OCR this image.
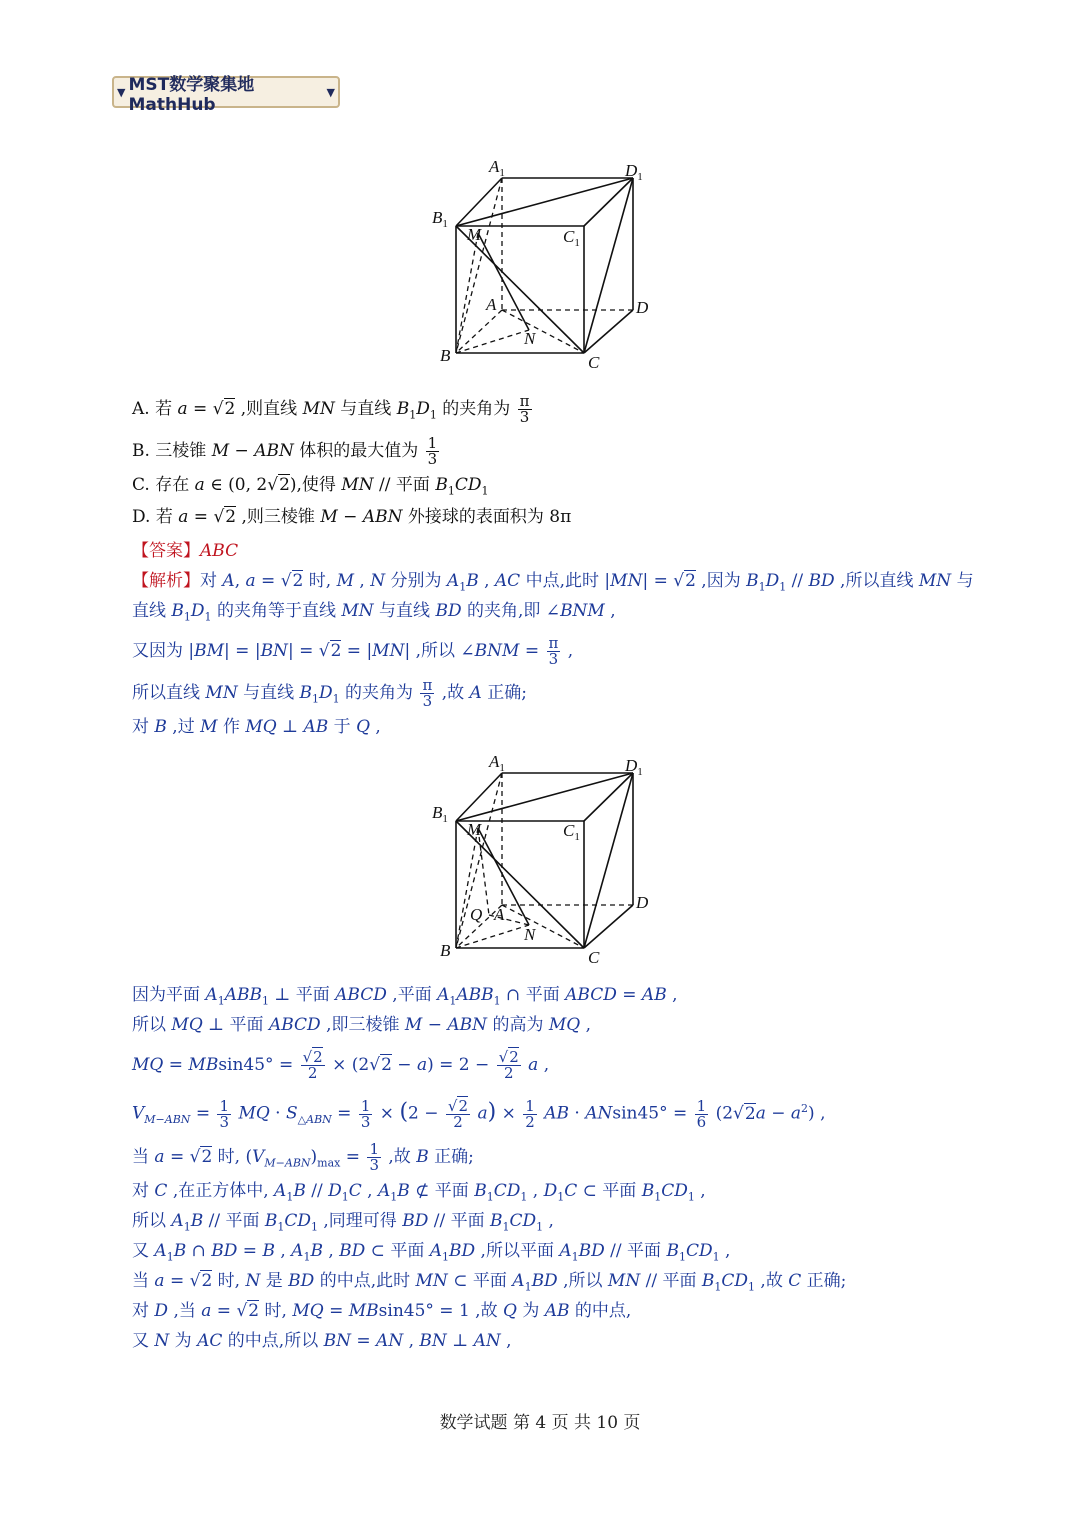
▼ MST数学聚集地MathHub
▼
$A_1$	$D_1$
$B_1$
$C_1$
M
A	D
N
B	C
A. 若 a = √2 ,则直线 MN 与直线 $B_1D_1$ 的夹角为 $\frac{\pi}{3}$
B. 三棱锥 M − ABN 体积的最大值为 $\frac{1}{3}$
C. 存在 a ∈ (0, 2√2),使得 MN // 平面 $B_1CD_1$
D. 若 a = √2 ,则三棱锥 M − ABN 外接球的表面积为 8π
【答案】ABC
【解析】对 A, a = √2 时, M , N 分别为 $A_1B$ , AC 中点,此时 |MN| = √2 ,因为 $B_1D_1$ // BD ,所以直线 MN 与
直线 $B_1D_1$ 的夹角等于直线 MN 与直线 BD 的夹角,即 ∠BNM ,
又因为 |BM| = |BN| = √2 = |MN| ,所以 ∠BNM = $\frac{\pi}{3}$ ,
所以直线 MN 与直线 $B_1D_1$ 的夹角为 $\frac{\pi}{3}$ ,故 A 正确;
对 B ,过 M 作 MQ ⊥ AB 于 Q ,
$A_1$	$D_1$
$B_1$
$C_1$
M
Q A
D
N
B	C
因为平面 $A_1ABB_1$ ⊥ 平面 ABCD ,平面 $A_1ABB_1$ ∩ 平面 ABCD = AB ,
所以 MQ ⊥ 平面 ABCD ,即三棱锥 M − ABN 的高为 MQ ,
MQ = $MBsin45^\circ = \frac{√2}{2} \times (2√2 - a) = 2 - \frac{√2}{2}$ a ,
$V_{M-ABN} = \frac{1}{3}$ MQ · $S_{\triangle ABN} = \frac{1}{3} \times (2 - \frac{√2}{2} a) \times \frac{1}{2}$ AB · $ANsin45^\circ = \frac{1}{6} (2√2a - a^2)$ ,
当 a = √2 时, $(V_{M-ABN})_{max} = \frac{1}{3}$ ,故 B 正确;
对 C ,在正方体中, $A_1B // D_1C$ , $A_1B$ ⊄ 平面 $B_1CD_1$ , $D_1C$ ⊂ 平面 $B_1CD_1$ ,
所以 $A_1B$ // 平面 $B_1CD_1$ ,同理可得 BD // 平面 $B_1CD_1$ ,
又 $A_1B$ ∩ BD = B , $A_1B$ , BD ⊂ 平面 $A_1BD$ ,所以平面 $A_1BD$ // 平面 $B_1CD_1$ ,
当 a = √2 时, N 是 BD 的中点,此时 MN ⊂ 平面 $A_1BD$ ,所以 MN // 平面 $B_1CD_1$ ,故 C 正确;
对 D ,当 a = √2 时, MQ = MBsin45° = 1 ,故 Q 为 AB 的中点,
又 N 为 AC 的中点,所以 BN = AN , BN ⊥ AN ,
数学试题 第 4 页 共 10 页
